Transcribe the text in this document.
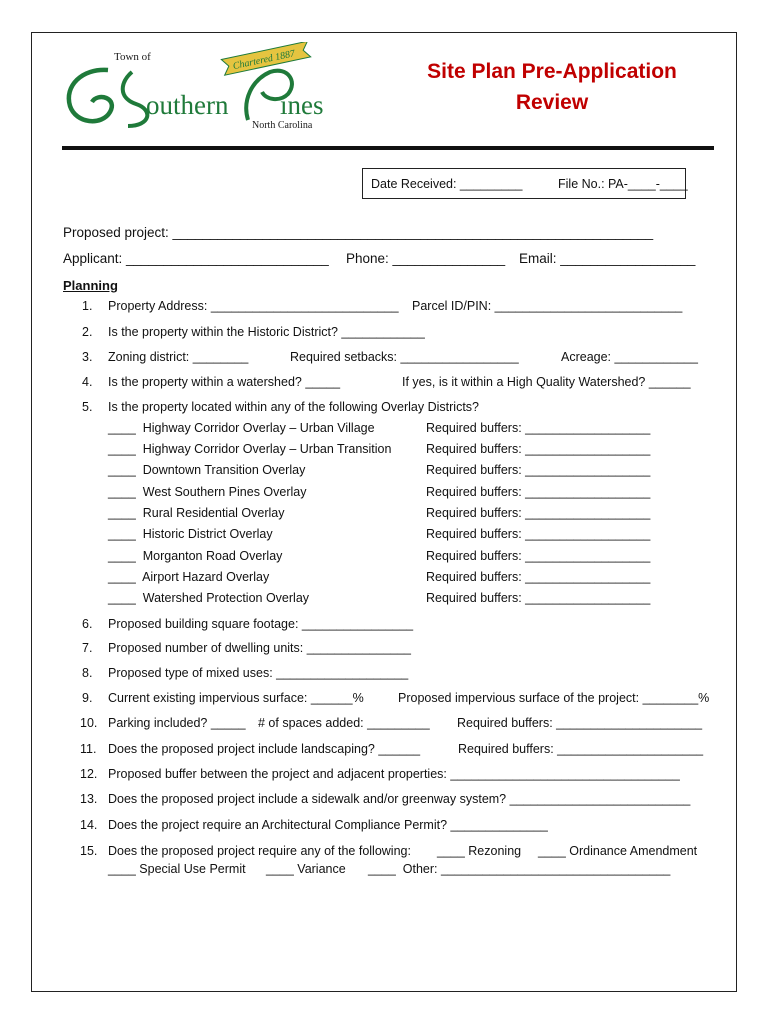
Town of	Chartered 1887
outhern ines
North Carolina
Site Plan Pre-Application
Review
Date Received: _________	File No.: PA-____-____
Proposed project: ________________________________________________________________
Applicant: ___________________________ Phone: _______________ Email: __________________
Planning
1. Property Address: ___________________________ Parcel ID/PIN: ___________________________
2. Is the property within the Historic District? ____________
3. Zoning district: ________	Required setbacks: _________________	Acreage: ____________
4. Is the property within a watershed? _____	If yes, is it within a High Quality Watershed? ______
5. Is the property located within any of the following Overlay Districts?
____  Highway Corridor Overlay – Urban Village	Required buffers: __________________
____  Highway Corridor Overlay – Urban Transition	Required buffers: __________________
____  Downtown Transition Overlay	Required buffers: __________________
____  West Southern Pines Overlay	Required buffers: __________________
____  Rural Residential Overlay	Required buffers: __________________
____  Historic District Overlay	Required buffers: __________________
____  Morganton Road Overlay	Required buffers: __________________
____  Airport Hazard Overlay	Required buffers: __________________
____  Watershed Protection Overlay	Required buffers: __________________
6. Proposed building square footage: ________________
7. Proposed number of dwelling units: _______________
8. Proposed type of mixed uses: ___________________
9. Current existing impervious surface: ______%	Proposed impervious surface of the project: ________%
10. Parking included? _____ # of spaces added: _________ Required buffers: _____________________
11. Does the proposed project include landscaping? ______	Required buffers: _____________________
12. Proposed buffer between the project and adjacent properties: _________________________________
13. Does the proposed project include a sidewalk and/or greenway system? __________________________
14. Does the project require an Architectural Compliance Permit? ______________
15. Does the proposed project require any of the following: ____ Rezoning ____ Ordinance Amendment
____ Special Use Permit ____ Variance ____  Other: _________________________________
